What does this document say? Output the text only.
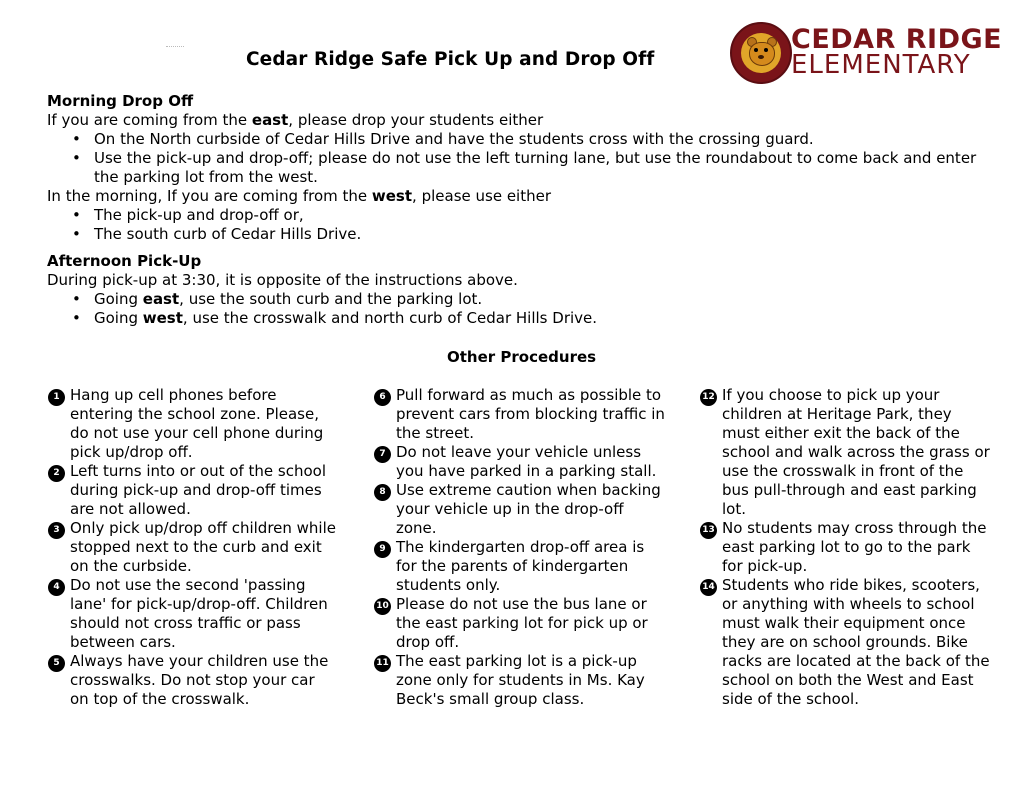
Cedar Ridge Safe Pick Up and Drop Off
CEDAR RIDGE
ELEMENTARY
Morning Drop Off
If you are coming from the east, please drop your students either
• On the North curbside of Cedar Hills Drive and have the students cross with the crossing guard.
• Use the pick-up and drop-off; please do not use the left turning lane, but use the roundabout to come back and enter the parking lot from the west.
In the morning, If you are coming from the west, please use either
• The pick-up and drop-off or,
• The south curb of Cedar Hills Drive.
Afternoon Pick-Up
During pick-up at 3:30, it is opposite of the instructions above.
• Going east, use the south curb and the parking lot.
• Going west, use the crosswalk and north curb of Cedar Hills Drive.
Other Procedures
1 Hang up cell phones before entering the school zone. Please, do not use your cell phone during pick up/drop off.
2 Left turns into or out of the school during pick-up and drop-off times are not allowed.
3 Only pick up/drop off children while stopped next to the curb and exit on the curbside.
4 Do not use the second 'passing lane' for pick-up/drop-off. Children should not cross traffic or pass between cars.
5 Always have your children use the crosswalks. Do not stop your car on top of the crosswalk.
6 Pull forward as much as possible to prevent cars from blocking traffic in the street.
7 Do not leave your vehicle unless you have parked in a parking stall.
8 Use extreme caution when backing your vehicle up in the drop-off zone.
9 The kindergarten drop-off area is for the parents of kindergarten students only.
10 Please do not use the bus lane or the east parking lot for pick up or drop off.
11 The east parking lot is a pick-up zone only for students in Ms. Kay Beck's small group class.
12 If you choose to pick up your children at Heritage Park, they must either exit the back of the school and walk across the grass or use the crosswalk in front of the bus pull-through and east parking lot.
13 No students may cross through the east parking lot to go to the park for pick-up.
14 Students who ride bikes, scooters, or anything with wheels to school must walk their equipment once they are on school grounds. Bike racks are located at the back of the school on both the West and East side of the school.
